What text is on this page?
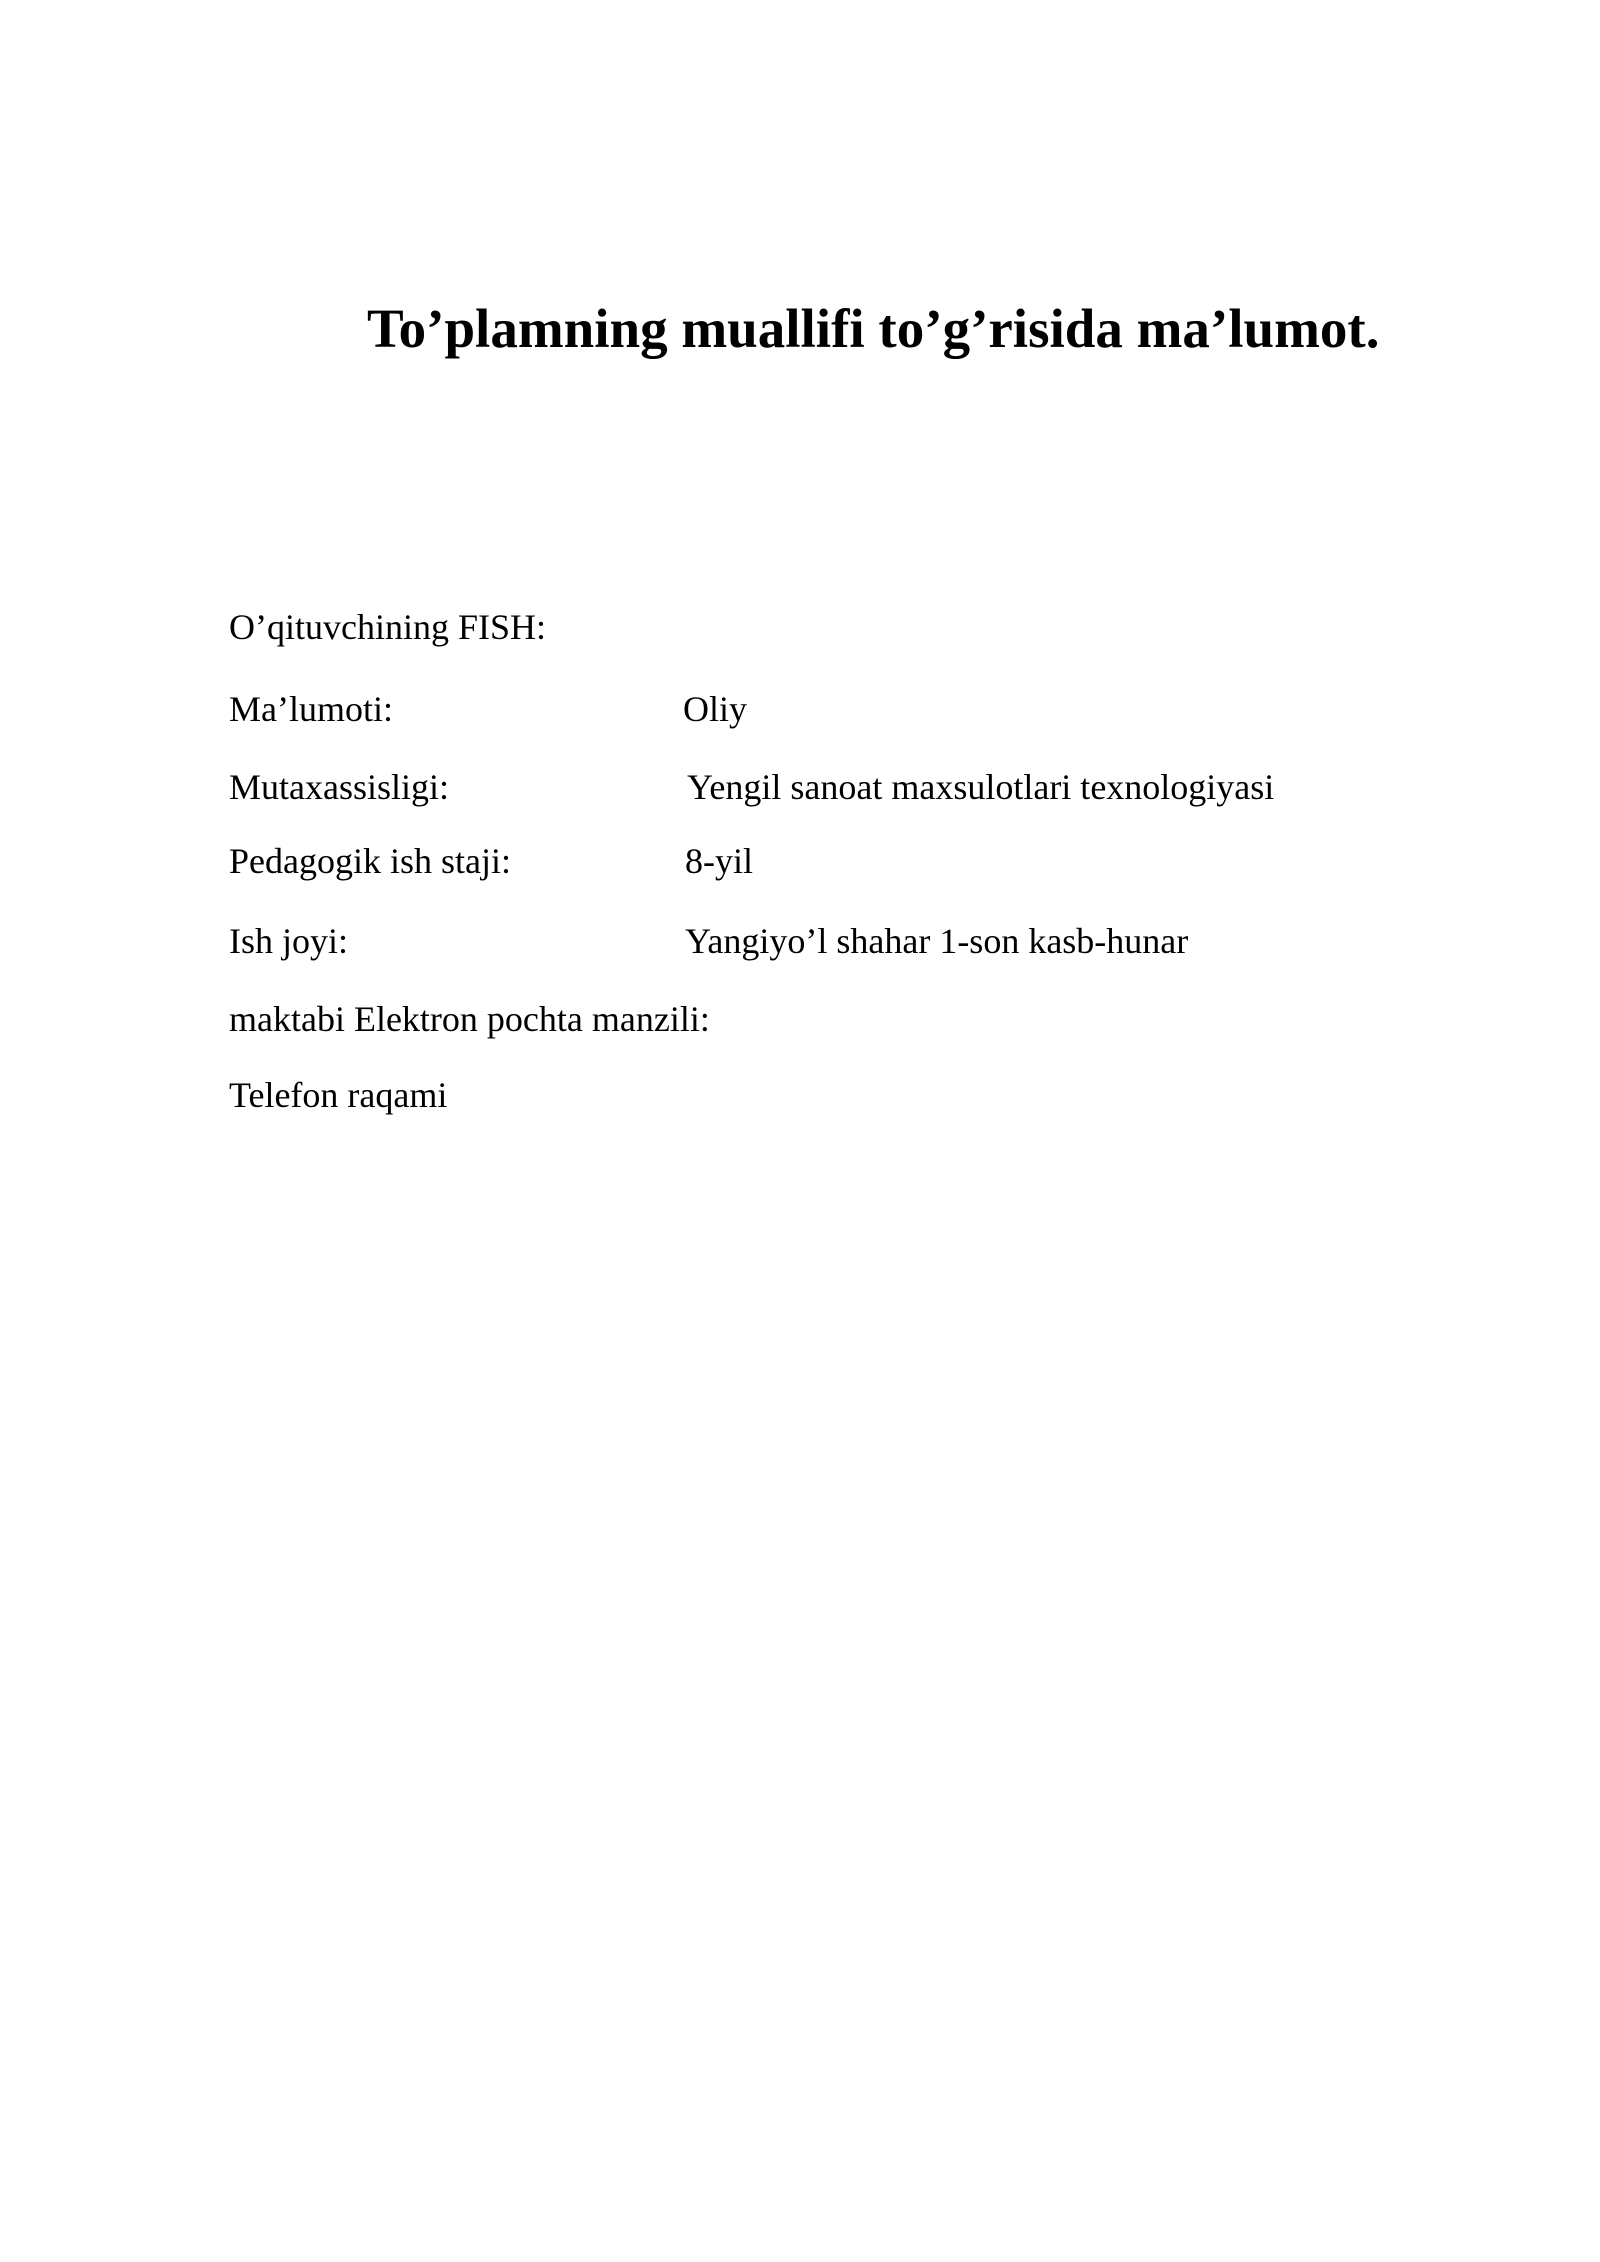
To’plamning muallifi to’g’risida ma’lumot.
O’qituvchining FISH:
Ma’lumoti:	Oliy
Mutaxassisligi:	Yengil sanoat maxsulotlari texnologiyasi
Pedagogik ish staji:	8-yil
Ish joyi:	Yangiyo’l shahar 1-son kasb-hunar
maktabi Elektron pochta manzili:
Telefon raqami
